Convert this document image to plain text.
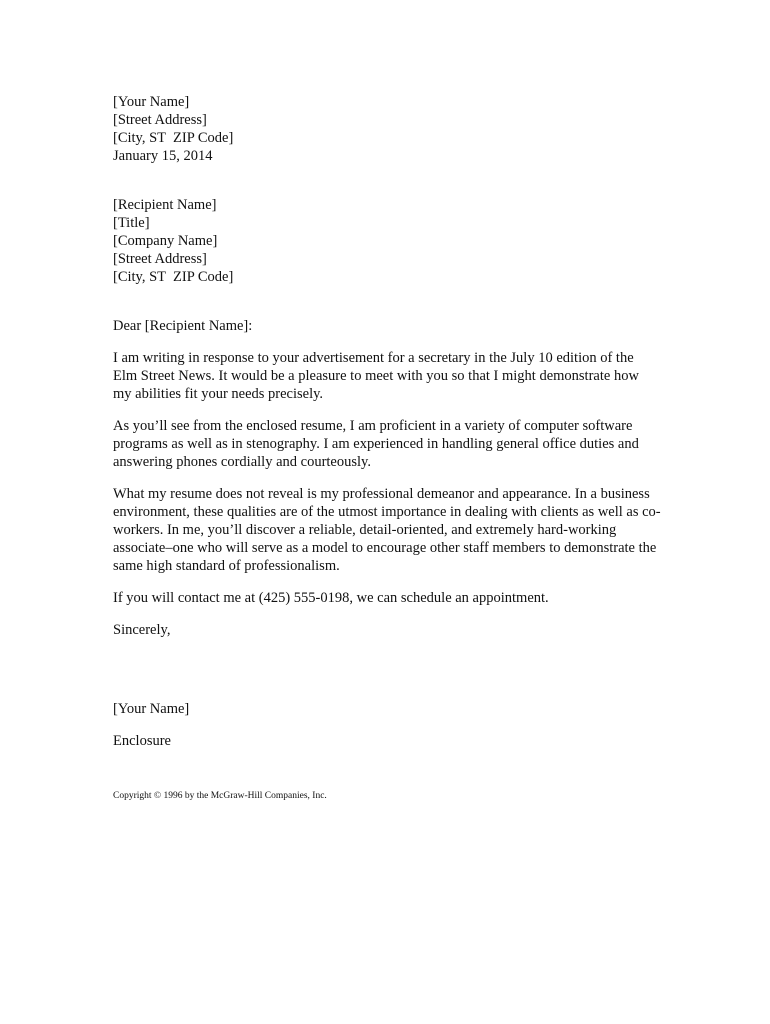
[Your Name]
[Street Address]
[City, ST  ZIP Code]
January 15, 2014
[Recipient Name]
[Title]
[Company Name]
[Street Address]
[City, ST  ZIP Code]

Dear [Recipient Name]:

I am writing in response to your advertisement for a secretary in the July 10 edition of the Elm Street News. It would be a pleasure to meet with you so that I might demonstrate how my abilities fit your needs precisely.

As you’ll see from the enclosed resume, I am proficient in a variety of computer software programs as well as in stenography. I am experienced in handling general office duties and answering phones cordially and courteously.

What my resume does not reveal is my professional demeanor and appearance. In a business environment, these qualities are of the utmost importance in dealing with clients as well as co-workers. In me, you’ll discover a reliable, detail-oriented, and extremely hard-working associate–one who will serve as a model to encourage other staff members to demonstrate the same high standard of professionalism.

If you will contact me at (425) 555-0198, we can schedule an appointment.

Sincerely,

[Your Name]

Enclosure

Copyright © 1996 by the McGraw-Hill Companies, Inc.
